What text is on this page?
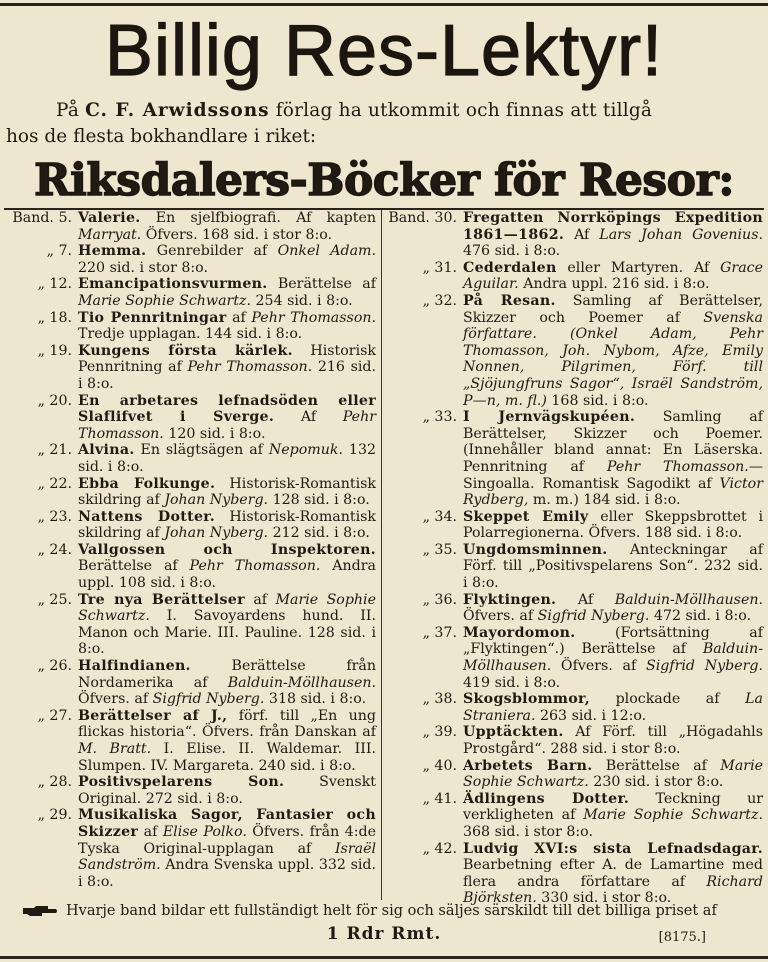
Billig Res-Lektyr!
På C. F. Arwidssons förlag ha utkommit och finnas att tillgå
hos de flesta bokhandlare i riket:
Riksdalers-Böcker för Resor:
Band. 5. Valerie. En sjelfbiografi. Af kapten Marryat. Öfvers. 168 sid. i stor 8:o.
„ 7. Hemma. Genrebilder af Onkel Adam. 220 sid. i stor 8:o.
„ 12. Emancipationsvurmen. Berättelse af Marie Sophie Schwartz. 254 sid. i 8:o.
„ 18. Tio Pennritningar af Pehr Thomasson. Tredje upplagan. 144 sid. i 8:o.
„ 19. Kungens första kärlek. Historisk Pennritning af Pehr Thomasson. 216 sid. i 8:o.
„ 20. En arbetares lefnadsöden eller Slaflifvet i Sverge. Af Pehr Thomasson. 120 sid. i 8:o.
„ 21. Alvina. En slägtsägen af Nepomuk. 132 sid. i 8:o.
„ 22. Ebba Folkunge. Historisk-Romantisk skildring af Johan Nyberg. 128 sid. i 8:o.
„ 23. Nattens Dotter. Historisk-Romantisk skildring af Johan Nyberg. 212 sid. i 8:o.
„ 24. Vallgossen och Inspektoren. Berättelse af Pehr Thomasson. Andra uppl. 108 sid. i 8:o.
„ 25. Tre nya Berättelser af Marie Sophie Schwartz. I. Savoyardens hund. II. Manon och Marie. III. Pauline. 128 sid. i 8:o.
„ 26. Halfindianen. Berättelse från Nordamerika af Balduin-Möllhausen. Öfvers. af Sigfrid Nyberg. 318 sid. i 8:o.
„ 27. Berättelser af J., förf. till „En ung flickas historia“. Öfvers. från Danskan af M. Bratt. I. Elise. II. Waldemar. III. Slumpen. IV. Margareta. 240 sid. i 8:o.
„ 28. Positivspelarens Son. Svenskt Original. 272 sid. i 8:o.
„ 29. Musikaliska Sagor, Fantasier och Skizzer af Elise Polko. Öfvers. från 4:de Tyska Original-upplagan af Israël Sandström. Andra Svenska uppl. 332 sid. i 8:o.
Band. 30. Fregatten Norrköpings Expedition 1861—1862. Af Lars Johan Govenius. 476 sid. i 8:o.
„ 31. Cederdalen eller Martyren. Af Grace Aguilar. Andra uppl. 216 sid. i 8:o.
„ 32. På Resan. Samling af Berättelser, Skizzer och Poemer af Svenska författare. (Onkel Adam, Pehr Thomasson, Joh. Nybom, Afze, Emily Nonnen, Pilgrimen, Förf. till „Sjöjungfruns Sagor“, Israël Sandström, P—n, m. fl.) 168 sid. i 8:o.
„ 33. I Jernvägskupéen. Samling af Berättelser, Skizzer och Poemer. (Innehåller bland annat: En Läserska. Pennritning af Pehr Thomasson.— Singoalla. Romantisk Sagodikt af Victor Rydberg, m. m.) 184 sid. i 8:o.
„ 34. Skeppet Emily eller Skeppsbrottet i Polarregionerna. Öfvers. 188 sid. i 8:o.
„ 35. Ungdomsminnen. Anteckningar af Förf. till „Positivspelarens Son“. 232 sid. i 8:o.
„ 36. Flyktingen. Af Balduin-Möllhausen. Öfvers. af Sigfrid Nyberg. 472 sid. i 8:o.
„ 37. Mayordomon. (Fortsättning af „Flyktingen“.) Berättelse af Balduin-Möllhausen. Öfvers. af Sigfrid Nyberg. 419 sid. i 8:o.
„ 38. Skogsblommor, plockade af La Straniera. 263 sid. i 12:o.
„ 39. Upptäckten. Af Förf. till „Högadahls Prostgård“. 288 sid. i stor 8:o.
„ 40. Arbetets Barn. Berättelse af Marie Sophie Schwartz. 230 sid. i stor 8:o.
„ 41. Ädlingens Dotter. Teckning ur verkligheten af Marie Sophie Schwartz. 368 sid. i stor 8:o.
„ 42. Ludvig XVI:s sista Lefnadsdagar. Bearbetning efter A. de Lamartine med flera andra författare af Richard Björksten. 330 sid. i stor 8:o.
Hvarje band bildar ett fullständigt helt för sig och säljes särskildt till det billiga priset af
1 Rdr Rmt.	[8175.]
